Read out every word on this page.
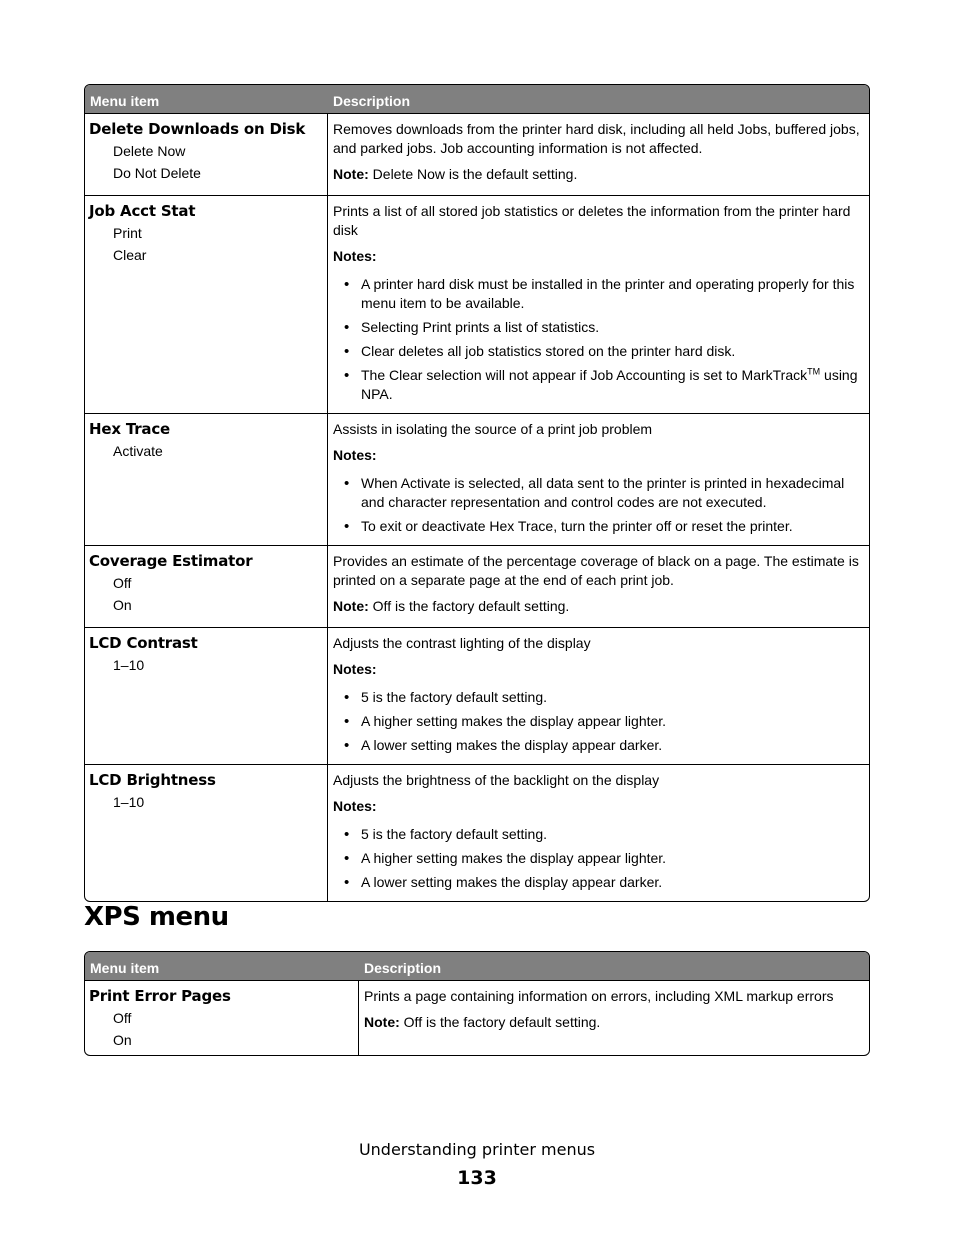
Menu item	Description
Delete Downloads on Disk
Delete Now
Do Not Delete

Removes downloads from the printer hard disk, including all held Jobs, buffered jobs, and parked jobs. Job accounting information is not affected.

Note: Delete Now is the default setting.

Job Acct Stat
Print
Clear

Prints a list of all stored job statistics or deletes the information from the printer hard disk

Notes:

• A printer hard disk must be installed in the printer and operating properly for this menu item to be available.
• Selecting Print prints a list of statistics.
• Clear deletes all job statistics stored on the printer hard disk.
• The Clear selection will not appear if Job Accounting is set to MarkTrack™ using NPA.
Hex Trace
Activate

Assists in isolating the source of a print job problem

Notes:

• When Activate is selected, all data sent to the printer is printed in hexadecimal and character representation and control codes are not executed.
• To exit or deactivate Hex Trace, turn the printer off or reset the printer.
Coverage Estimator
Off
On

Provides an estimate of the percentage coverage of black on a page. The estimate is printed on a separate page at the end of each print job.

Note: Off is the factory default setting.

LCD Contrast
1–10

Adjusts the contrast lighting of the display

Notes:

• 5 is the factory default setting.
• A higher setting makes the display appear lighter.
• A lower setting makes the display appear darker.
LCD Brightness
1–10

Adjusts the brightness of the backlight on the display

Notes:

• 5 is the factory default setting.
• A higher setting makes the display appear lighter.
• A lower setting makes the display appear darker.
XPS menu
Menu item	Description
Print Error Pages
Off
On

Prints a page containing information on errors, including XML markup errors

Note: Off is the factory default setting.

Understanding printer menus
133
